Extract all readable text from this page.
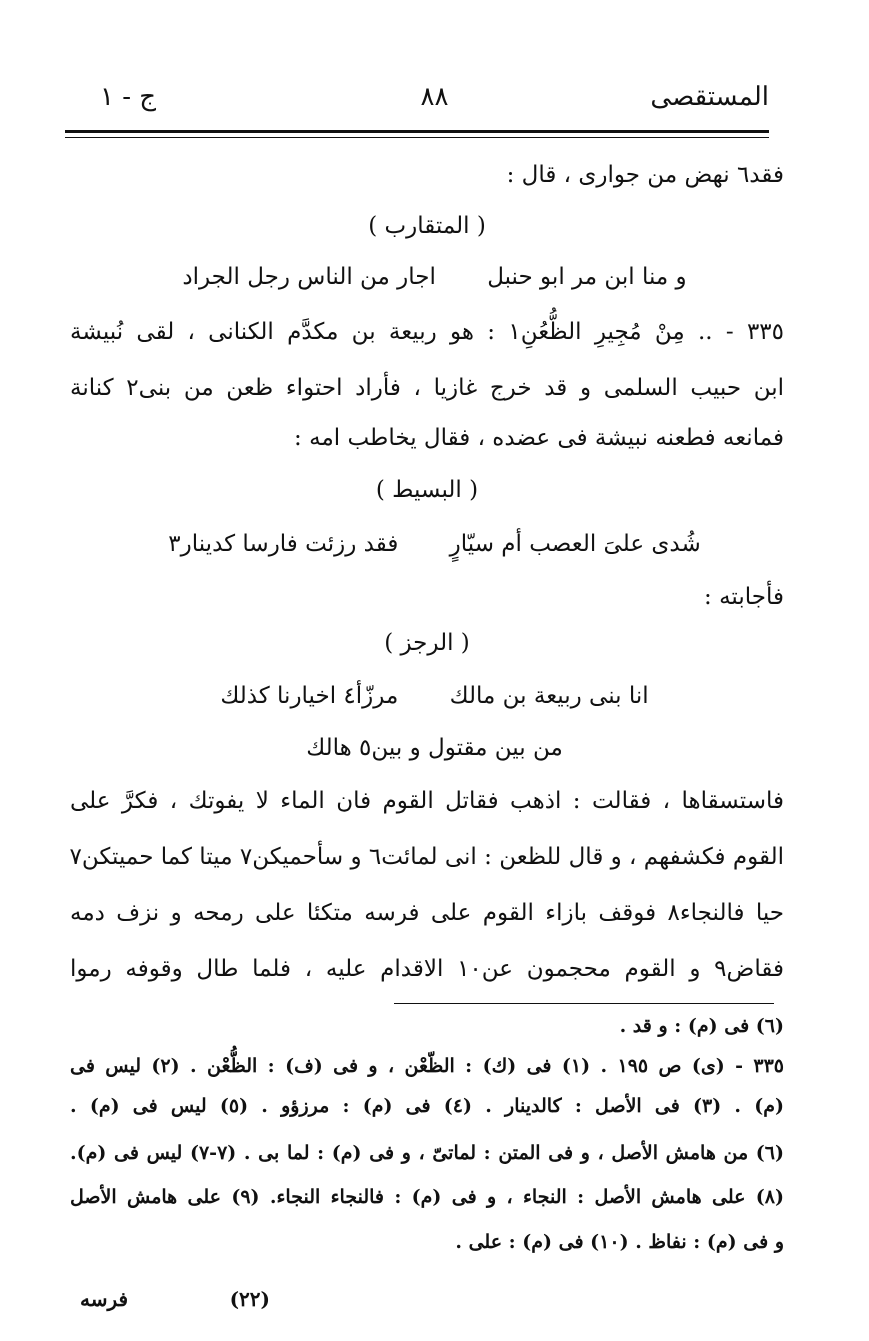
المستقصى
٨٨
ج - ١
فقد٦ نهض من جوارى ، قال :
( المتقارب )
و منا ابن مر ابو حنبل اجار من الناس رجل الجراد
٣٣٥ - .. مِنْ مُجِيرِ الظُّعُنِ١ : هو ربيعة بن مكدَّم الكنانى ، لقى نُبيشة
ابن حبيب السلمى و قد خرج غازيا ، فأراد احتواء ظعن من بنى٢ كنانة
فمانعه فطعنه نبيشة فى عضده ، فقال يخاطب امه :
( البسيط )
شُدى علىَ العصب أم سيّارٍ فقد رزئت فارسا كدينار٣
فأجابته :
( الرجز )
انا بنى ربيعة بن مالك مرزّأ٤ اخيارنا كذلك
من بين مقتول و بين٥ هالك
فاستسقاها ، فقالت : اذهب فقاتل القوم فان الماء لا يفوتك ، فكرَّ على
القوم فكشفهم ، و قال للظعن : انى لمائت٦ و سأحميكن٧ ميتا كما حميتكن٧
حيا فالنجاء٨ فوقف بازاء القوم على فرسه متكئا على رمحه و نزف دمه
فقاض٩ و القوم محجمون عن١٠ الاقدام عليه ، فلما طال وقوفه رموا
(٦) فى (م) : و قد .
٣٣٥ - (ى) ص ١٩٥ . (١) فى (ك) : الظّعْن ، و فى (ف) : الظُّعْن . (٢) ليس فى
(م) . (٣) فى الأصل : كالدينار . (٤) فى (م) : مرزؤو . (٥) ليس فى (م) .
(٦) من هامش الأصل ، و فى المتن : لماتىّ ، و فى (م) : لما بى . (٧-٧) ليس فى (م).
(٨) على هامش الأصل : النجاء ، و فى (م) : فالنجاء النجاء. (٩) على هامش الأصل
و فى (م) : نفاظ . (١٠) فى (م) : على .
(٢٢)
فرسه
